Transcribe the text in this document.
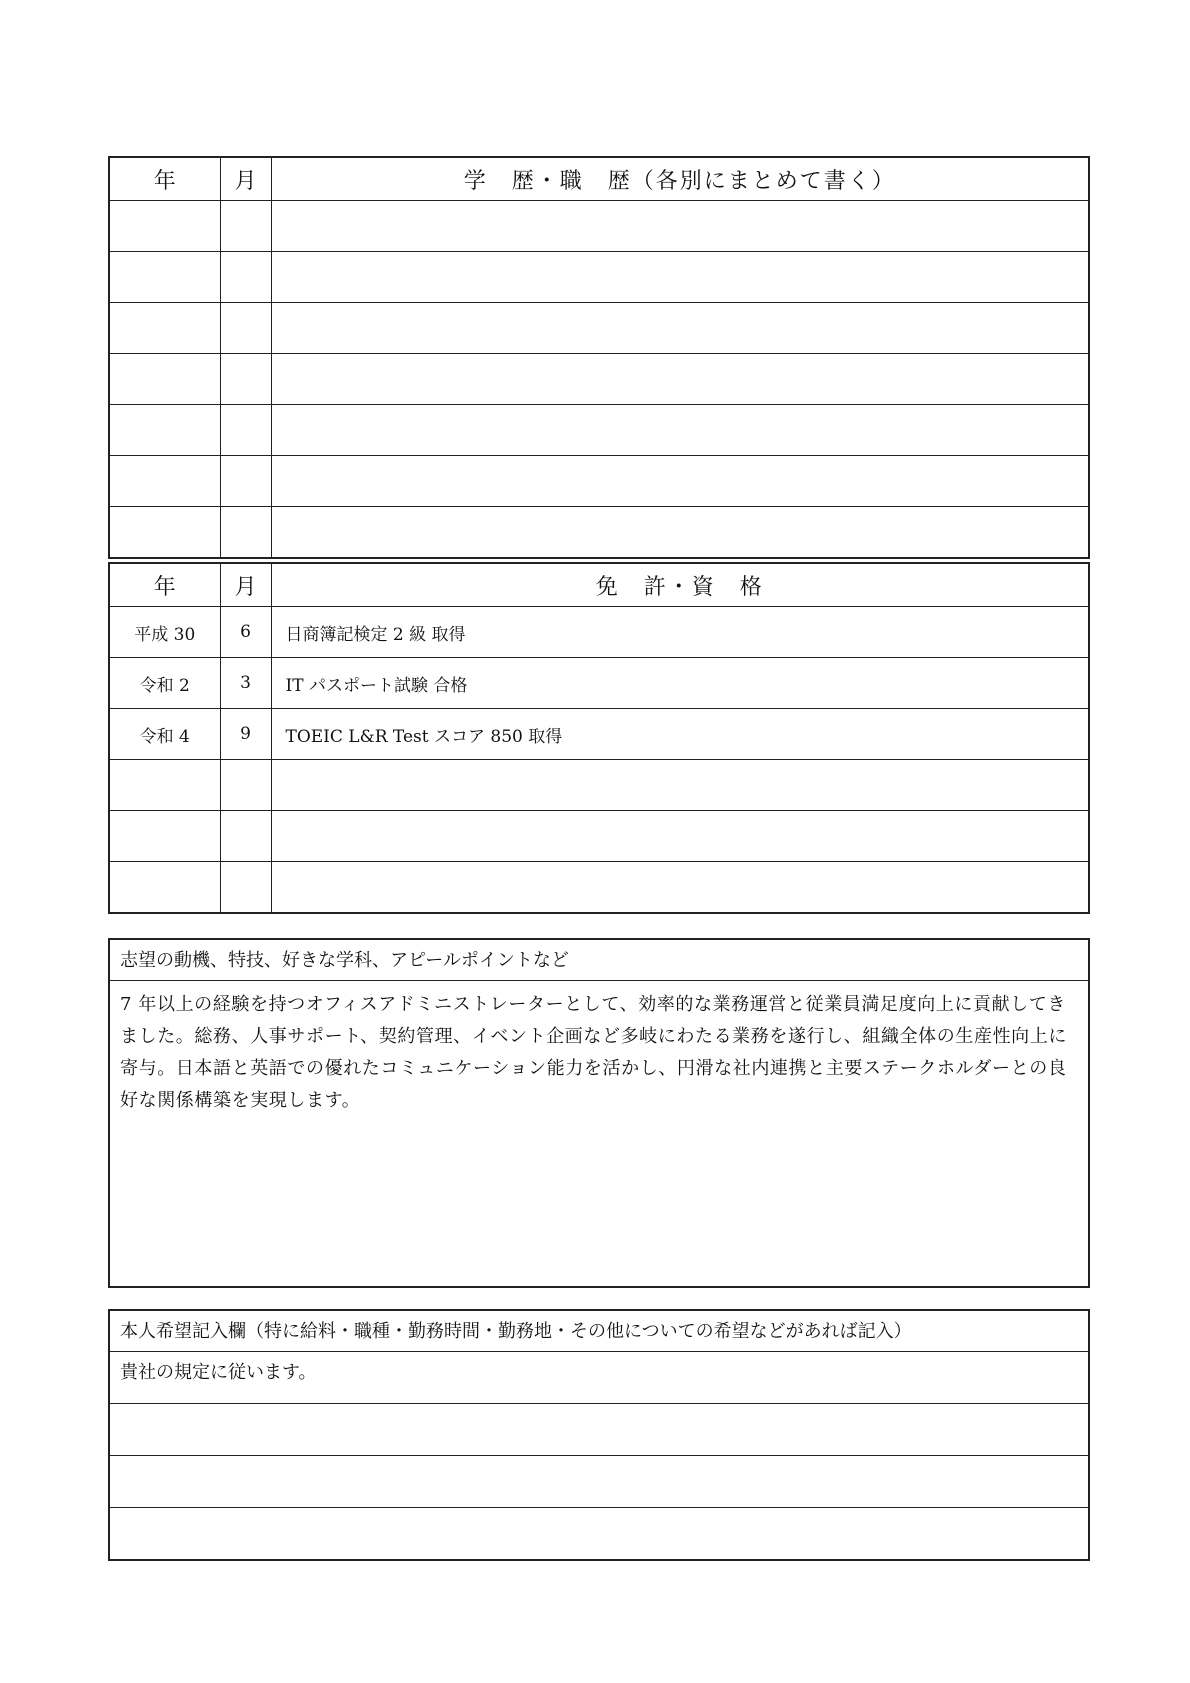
年	月	学　歴・職　歴（各別にまとめて書く）

年	月	免　許・資　格
平成 30	6	日商簿記検定 2 級 取得
令和 2	3	IT パスポート試験 合格
令和 4	9	TOEIC L&R Test スコア 850 取得

志望の動機、特技、好きな学科、アピールポイントなど
7 年以上の経験を持つオフィスアドミニストレーターとして、効率的な業務運営と従業員満足度向上に貢献してきました。総務、人事サポート、契約管理、イベント企画など多岐にわたる業務を遂行し、組織全体の生産性向上に寄与。日本語と英語での優れたコミュニケーション能力を活かし、円滑な社内連携と主要ステークホルダーとの良好な関係構築を実現します。
本人希望記入欄（特に給料・職種・勤務時間・勤務地・その他についての希望などがあれば記入）
貴社の規定に従います。
